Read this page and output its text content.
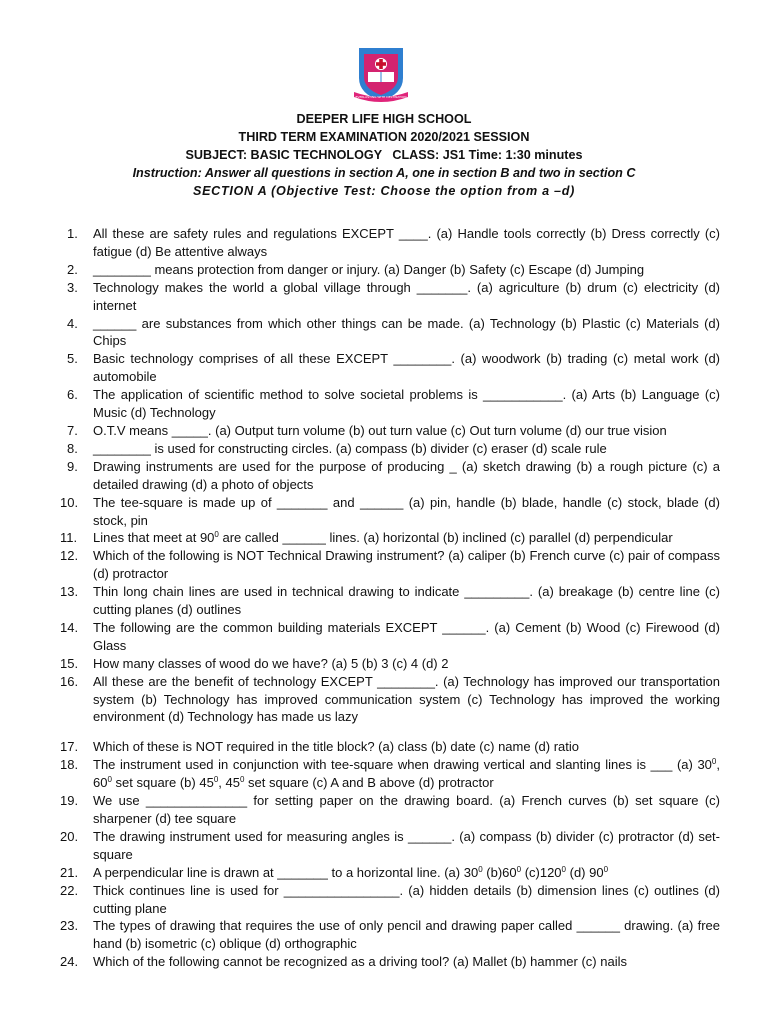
EVERLASTING WITH DESTINATION
DEEPER LIFE HIGH SCHOOL
THIRD TERM EXAMINATION 2020/2021 SESSION
SUBJECT: BASIC TECHNOLOGY   CLASS: JS1 Time: 1:30 minutes
Instruction: Answer all questions in section A, one in section B and two in section C
SECTION A (Objective Test: Choose the option from a –d)
1. All these are safety rules and regulations EXCEPT ____. (a) Handle tools correctly (b) Dress correctly (c) fatigue (d) Be attentive always
2. ________ means protection from danger or injury. (a) Danger (b) Safety (c) Escape (d) Jumping
3. Technology makes the world a global village through _______. (a) agriculture (b) drum (c) electricity (d) internet
4. ______ are substances from which other things can be made. (a) Technology (b) Plastic (c) Materials (d) Chips
5. Basic technology comprises of all these EXCEPT ________. (a) woodwork (b) trading (c) metal work (d) automobile
6. The application of scientific method to solve societal problems is ___________. (a) Arts (b) Language (c) Music (d) Technology
7. O.T.V means _____. (a) Output turn volume (b) out turn value (c) Out turn volume (d) our true vision
8. ________ is used for constructing circles. (a) compass (b) divider (c) eraser (d) scale rule
9. Drawing instruments are used for the purpose of producing _ (a) sketch drawing (b) a rough picture (c) a detailed drawing (d) a photo of objects
10. The tee-square is made up of _______ and ______ (a) pin, handle (b) blade, handle (c) stock, blade (d) stock, pin
11. Lines that meet at $90^0$ are called ______ lines. (a) horizontal (b) inclined (c) parallel (d) perpendicular
12. Which of the following is NOT Technical Drawing instrument? (a) caliper (b) French curve (c) pair of compass (d) protractor
13. Thin long chain lines are used in technical drawing to indicate _________. (a) breakage (b) centre line (c) cutting planes (d) outlines
14. The following are the common building materials EXCEPT ______. (a) Cement (b) Wood (c) Firewood (d) Glass
15. How many classes of wood do we have? (a) 5 (b) 3 (c) 4 (d) 2
16. All these are the benefit of technology EXCEPT ________. (a) Technology has improved our transportation system (b) Technology has improved communication system (c) Technology has improved the working environment (d) Technology has made us lazy
17. Which of these is NOT required in the title block? (a) class (b) date (c) name (d) ratio
18. The instrument used in conjunction with tee-square when drawing vertical and slanting lines is ___ (a) $30^0$, $60^0$ set square (b) $45^0$, $45^0$ set square (c) A and B above (d) protractor
19. We use ______________ for setting paper on the drawing board. (a) French curves (b) set square (c) sharpener (d) tee square
20. The drawing instrument used for measuring angles is ______. (a) compass (b) divider (c) protractor (d) set-square
21. A perpendicular line is drawn at _______ to a horizontal line. (a) $30^0$ $(b)60^0$ $(c)120^0$ (d) $90^0$
22. Thick continues line is used for ________________. (a) hidden details (b) dimension lines (c) outlines (d) cutting plane
23. The types of drawing that requires the use of only pencil and drawing paper called ______ drawing. (a) free hand (b) isometric (c) oblique (d) orthographic
24. Which of the following cannot be recognized as a driving tool? (a) Mallet (b) hammer (c) nails
